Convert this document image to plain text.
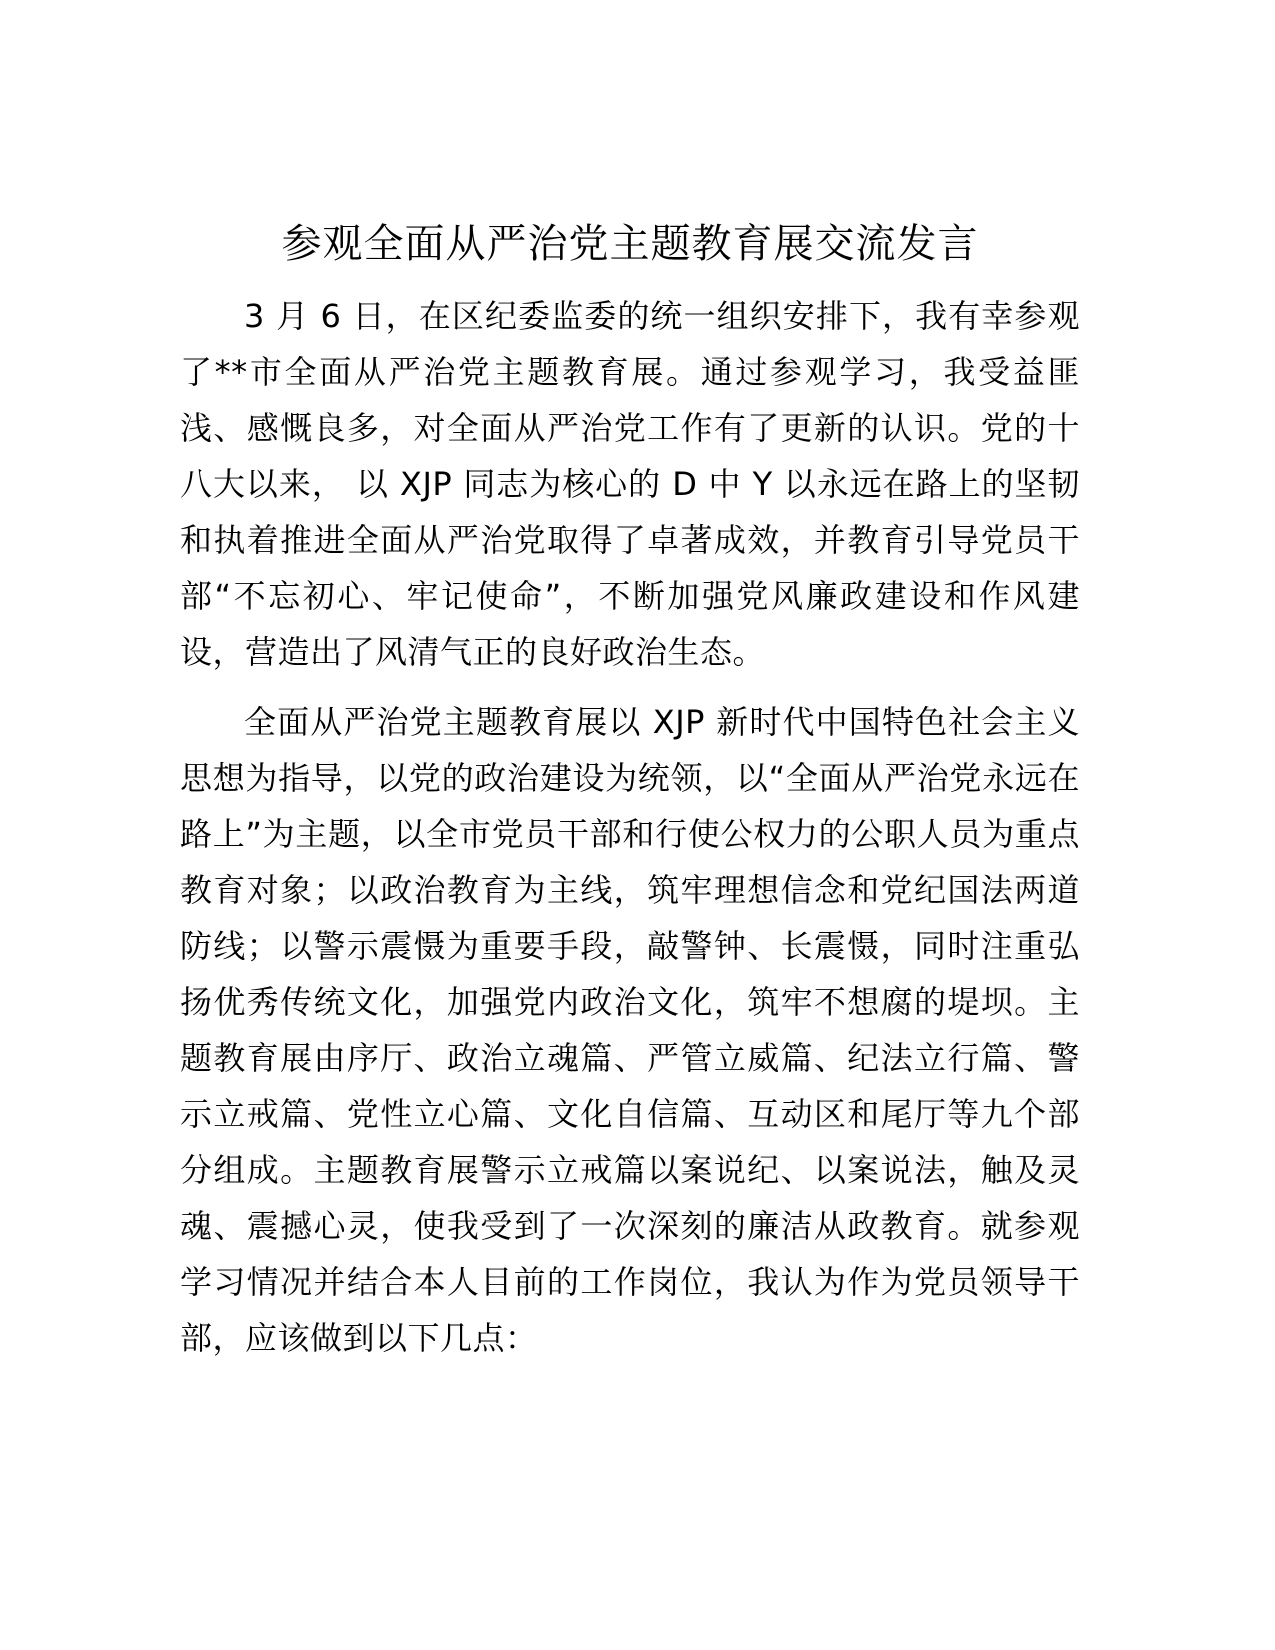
参观全面从严治党主题教育展交流发言

3 月 6 日，在区纪委监委的统一组织安排下，我有幸参观了**市全面从严治党主题教育展。通过参观学习，我受益匪浅、感慨良多，对全面从严治党工作有了更新的认识。党的十八大以来， 以 XJP 同志为核心的 D 中 Y 以永远在路上的坚韧和执着推进全面从严治党取得了卓著成效，并教育引导党员干部“不忘初心、牢记使命”，不断加强党风廉政建设和作风建设，营造出了风清气正的良好政治生态。

全面从严治党主题教育展以 XJP 新时代中国特色社会主义思想为指导，以党的政治建设为统领，以“全面从严治党永远在路上”为主题，以全市党员干部和行使公权力的公职人员为重点教育对象；以政治教育为主线，筑牢理想信念和党纪国法两道防线；以警示震慑为重要手段，敲警钟、长震慑，同时注重弘扬优秀传统文化，加强党内政治文化，筑牢不想腐的堤坝。主题教育展由序厅、政治立魂篇、严管立威篇、纪法立行篇、警示立戒篇、党性立心篇、文化自信篇、互动区和尾厅等九个部分组成。主题教育展警示立戒篇以案说纪、以案说法，触及灵魂、震撼心灵，使我受到了一次深刻的廉洁从政教育。就参观学习情况并结合本人目前的工作岗位，我认为作为党员领导干部，应该做到以下几点：
